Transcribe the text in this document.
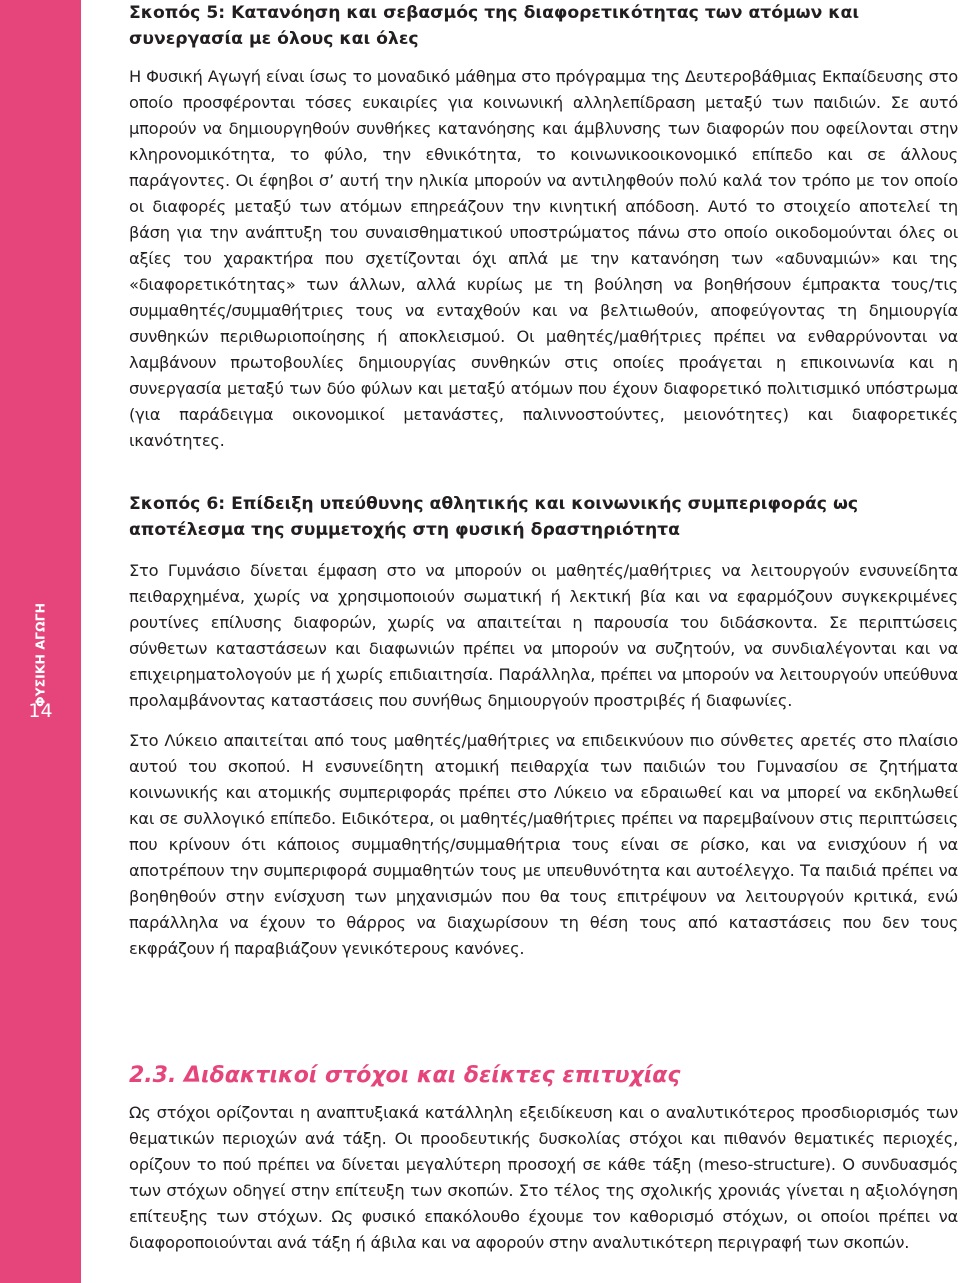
14
ΦΥΣΙΚΗ ΑΓΩΓΗ
Σκοπός 5: Κατανόηση και σεβασμός της διαφορετικότητας των ατόμων και συνεργασία με όλους και όλες

Η Φυσική Αγωγή είναι ίσως το μοναδικό μάθημα στο πρόγραμμα της Δευτεροβάθμιας Εκπαίδευσης στο οποίο προσφέρονται τόσες ευκαιρίες για κοινωνική αλληλεπίδραση μεταξύ των παιδιών. Σε αυτό μπορούν να δημιουργηθούν συνθήκες κατανόησης και άμβλυνσης των διαφορών που οφείλονται στην κληρονομικότητα, το φύλο, την εθνικότητα, το κοινωνικοοικονομικό επίπεδο και σε άλλους παράγοντες. Οι έφηβοι σ’ αυτή την ηλικία μπορούν να αντιληφθούν πολύ καλά τον τρόπο με τον οποίο οι διαφορές μεταξύ των ατόμων επηρεάζουν την κινητική απόδοση. Αυτό το στοιχείο αποτελεί τη βάση για την ανάπτυξη του συναισθηματικού υποστρώματος πάνω στο οποίο οικοδομούνται όλες οι αξίες του χαρακτήρα που σχετίζονται όχι απλά με την κατανόηση των «αδυναμιών» και της «διαφορετικότητας» των άλλων, αλλά κυρίως με τη βούληση να βοηθήσουν έμπρακτα τους/τις συμμαθητές/συμμαθήτριες τους να ενταχθούν και να βελτιωθούν, αποφεύγοντας τη δημιουργία συνθηκών περιθωριοποίησης ή αποκλεισμού. Οι μαθητές/μαθήτριες πρέπει να ενθαρρύνονται να λαμβάνουν πρωτοβουλίες δημιουργίας συνθηκών στις οποίες προάγεται η επικοινωνία και η συνεργασία μεταξύ των δύο φύλων και μεταξύ ατόμων που έχουν διαφορετικό πολιτισμικό υπόστρωμα (για παράδειγμα οικονομικοί μετανάστες, παλιννοστούντες, μειονότητες) και διαφορετικές ικανότητες.

Σκοπός 6: Επίδειξη υπεύθυνης αθλητικής και κοινωνικής συμπεριφοράς ως αποτέλεσμα της συμμετοχής στη φυσική δραστηριότητα

Στο Γυμνάσιο δίνεται έμφαση στο να μπορούν οι μαθητές/μαθήτριες να λειτουργούν ενσυνείδητα πειθαρχημένα, χωρίς να χρησιμοποιούν σωματική ή λεκτική βία και να εφαρμόζουν συγκεκριμένες ρουτίνες επίλυσης διαφορών, χωρίς να απαιτείται η παρουσία του διδάσκοντα. Σε περιπτώσεις σύνθετων καταστάσεων και διαφωνιών πρέπει να μπορούν να συζητούν, να συνδιαλέγονται και να επιχειρηματολογούν με ή χωρίς επιδιαιτησία. Παράλληλα, πρέπει να μπορούν να λειτουργούν υπεύθυνα προλαμβάνοντας καταστάσεις που συνήθως δημιουργούν προστριβές ή διαφωνίες.

Στο Λύκειο απαιτείται από τους μαθητές/μαθήτριες να επιδεικνύουν πιο σύνθετες αρετές στο πλαίσιο αυτού του σκοπού. Η ενσυνείδητη ατομική πειθαρχία των παιδιών του Γυμνασίου σε ζητήματα κοινωνικής και ατομικής συμπεριφοράς πρέπει στο Λύκειο να εδραιωθεί και να μπορεί να εκδηλωθεί και σε συλλογικό επίπεδο. Ειδικότερα, οι μαθητές/μαθήτριες πρέπει να παρεμβαίνουν στις περιπτώσεις που κρίνουν ότι κάποιος συμμαθητής/συμμαθήτρια τους είναι σε ρίσκο, και να ενισχύουν ή να αποτρέπουν την συμπεριφορά συμμαθητών τους με υπευθυνότητα και αυτοέλεγχο. Τα παιδιά πρέπει να βοηθηθούν στην ενίσχυση των μηχανισμών που θα τους επιτρέψουν να λειτουργούν κριτικά, ενώ παράλληλα να έχουν το θάρρος να διαχωρίσουν τη θέση τους από καταστάσεις που δεν τους εκφράζουν ή παραβιάζουν γενικότερους κανόνες.

2.3. Διδακτικοί στόχοι και δείκτες επιτυχίας

Ως στόχοι ορίζονται η αναπτυξιακά κατάλληλη εξειδίκευση και ο αναλυτικότερος προσδιορισμός των θεματικών περιοχών ανά τάξη. Οι προοδευτικής δυσκολίας στόχοι και πιθανόν θεματικές περιοχές, ορίζουν το πού πρέπει να δίνεται μεγαλύτερη προσοχή σε κάθε τάξη (meso-structure). Ο συνδυασμός των στόχων οδηγεί στην επίτευξη των σκοπών. Στο τέλος της σχολικής χρονιάς γίνεται η αξιολόγηση επίτευξης των στόχων. Ως φυσικό επακόλουθο έχουμε τον καθορισμό στόχων, οι οποίοι πρέπει να διαφοροποιούνται ανά τάξη ή άβιλα και να αφορούν στην αναλυτικότερη περιγραφή των σκοπών.
